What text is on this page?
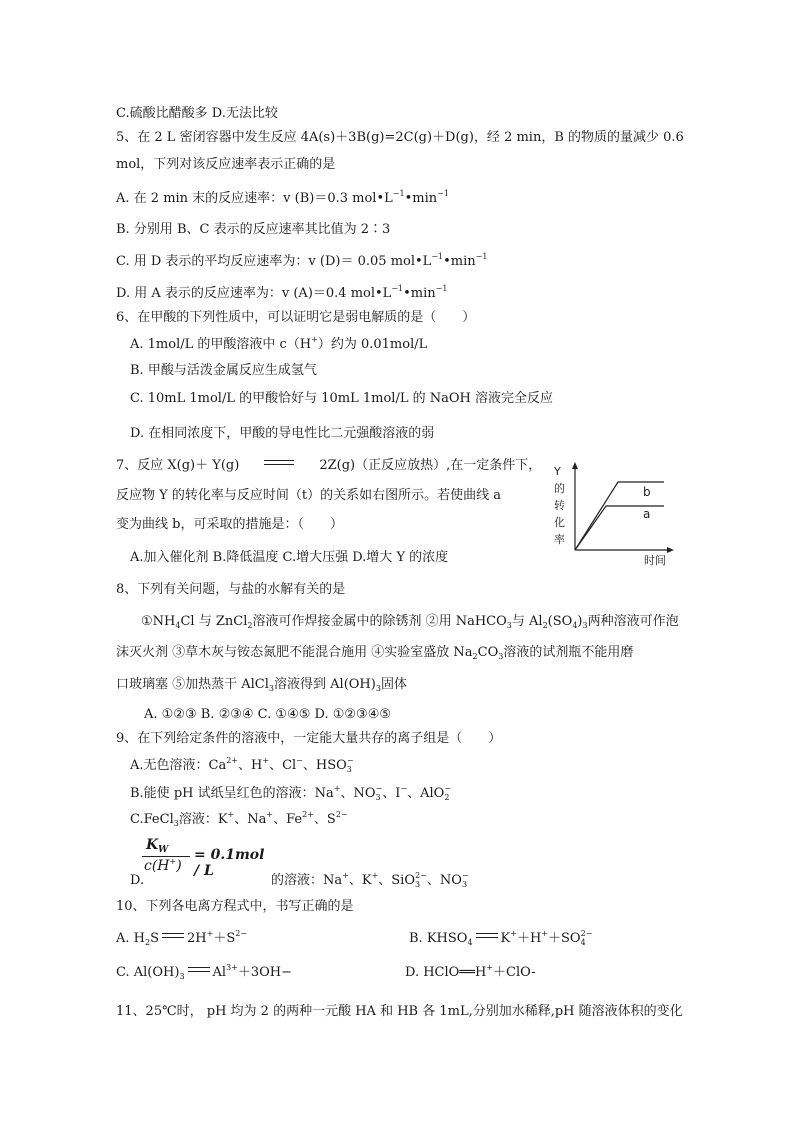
C.硫酸比醋酸多 D.无法比较
5、在 2 L 密闭容器中发生反应 4A(s)＋3B(g)=2C(g)＋D(g)，经 2 min，B 的物质的量减少 0.6
mol，下列对该反应速率表示正确的是
A. 在 2 min 末的反应速率：v (B)＝0.3 $mol•L^{-1}•\min^{-1}$
B. 分别用 B、C 表示的反应速率其比值为 2∶3
C. 用 D 表示的平均反应速率为：v (D)＝ 0.05 $mol•L^{-1}•\min^{-1}$
D. 用 A 表示的反应速率为：v (A)＝0.4 $mol•L^{-1}•\min^{-1}$
6、在甲酸的下列性质中，可以证明它是弱电解质的是（　　）
A. 1mol/L 的甲酸溶液中 c（H+）约为 0.01mol/L
B. 甲酸与活泼金属反应生成氢气
C. 10mL 1mol/L 的甲酸恰好与 10mL 1mol/L 的 NaOH 溶液完全反应
D. 在相同浓度下，甲酸的导电性比二元强酸溶液的弱
7、反应 X(g)＋ Y(g)	2Z(g)（正反应放热）,在一定条件下，
反应物 Y 的转化率与反应时间（t）的关系如右图所示。若使曲线 a
变为曲线 b，可采取的措施是：（　　）
A.加入催化剂 B.降低温度 C.增大压强 D.增大 Y 的浓度
Y
的
转
化
率
b
a
时间
8、下列有关问题，与盐的水解有关的是
$①NH_4Cl$ 与 ZnCl$_2$溶液可作焊接金属中的除锈剂 ②用 NaHCO$_3$与 $Al_2(SO_4)_3$两种溶液可作泡
沫灭火剂 ③草木灰与铵态氮肥不能混合施用 ④实验室盛放 $Na_2CO_3$溶液的试剂瓶不能用磨
口玻璃塞 ⑤加热蒸干 AlCl$_3$溶液得到 $Al(OH)_3$固体
A. ①②③ B. ②③④ C. ①④⑤ D. ①②③④⑤
9、在下列给定条件的溶液中，一定能大量共存的离子组是（　　）
A.无色溶液：$Ca^{2+}$、H+、Cl−、$HSO_3^-$
B.能使 pH 试纸呈红色的溶液：Na+、$NO_3^-$、I−、AlO$_2$−
C.FeCl$_3$溶液：K+、Na+、$Fe^{2+}$、$S^{2-}$
D.
$K_W$
c(H+)
= 0.1mol / L
的溶液：Na+、K+、SiO$_3^{2-}$、$NO_3^-$
10、下列各电离方程式中，书写正确的是
A. $H_2S$ $2H^++S^{2-}$	B. $KHSO_4$ $K^++H^++SO_4^{2-}$
C. $Al(OH)_3$ $Al^{3+}+3OH-$	D. HClO══H+＋ClO-
11、25℃时， pH 均为 2 的两种一元酸 HA 和 HB 各 1mL,分别加水稀释,pH 随溶液体积的变化
